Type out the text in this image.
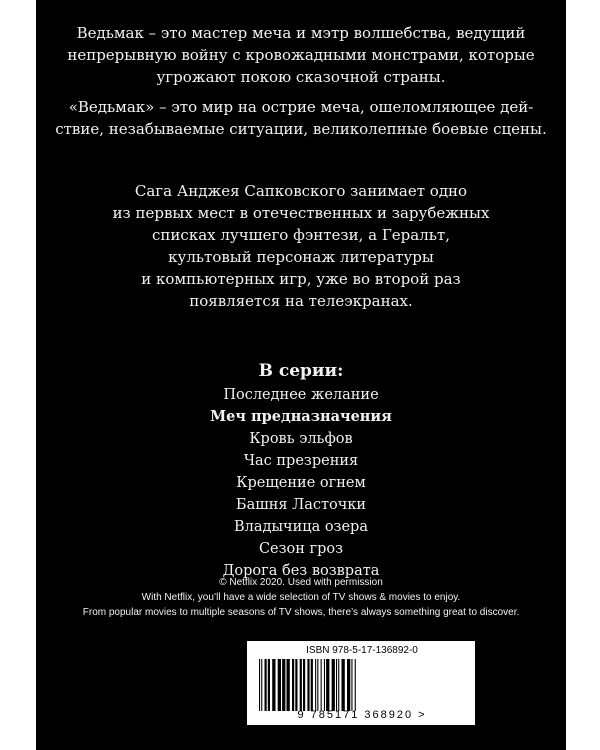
Ведьмак – это мастер меча и мэтр волшебства, ведущий
непрерывную войну с кровожадными монстрами, которые
угрожают покою сказочной страны.
«Ведьмак» – это мир на острие меча, ошеломляющее дей-
ствие, незабываемые ситуации, великолепные боевые сцены.
Сага Анджея Сапковского занимает одно
из первых мест в отечественных и зарубежных
списках лучшего фэнтези, а Геральт,
культовый персонаж литературы
и компьютерных игр, уже во второй раз
появляется на телеэкранах.
В серии:
Последнее желание
Меч предназначения
Кровь эльфов
Час презрения
Крещение огнем
Башня Ласточки
Владычица озера
Сезон гроз
Дорога без возврата
© Netflix 2020. Used with permission
With Netflix, you’ll have a wide selection of TV shows & movies to enjoy.
From popular movies to multiple seasons of TV shows, there’s always something great to discover.
ISBN 978-5-17-136892-0
9 785171 368920 >
